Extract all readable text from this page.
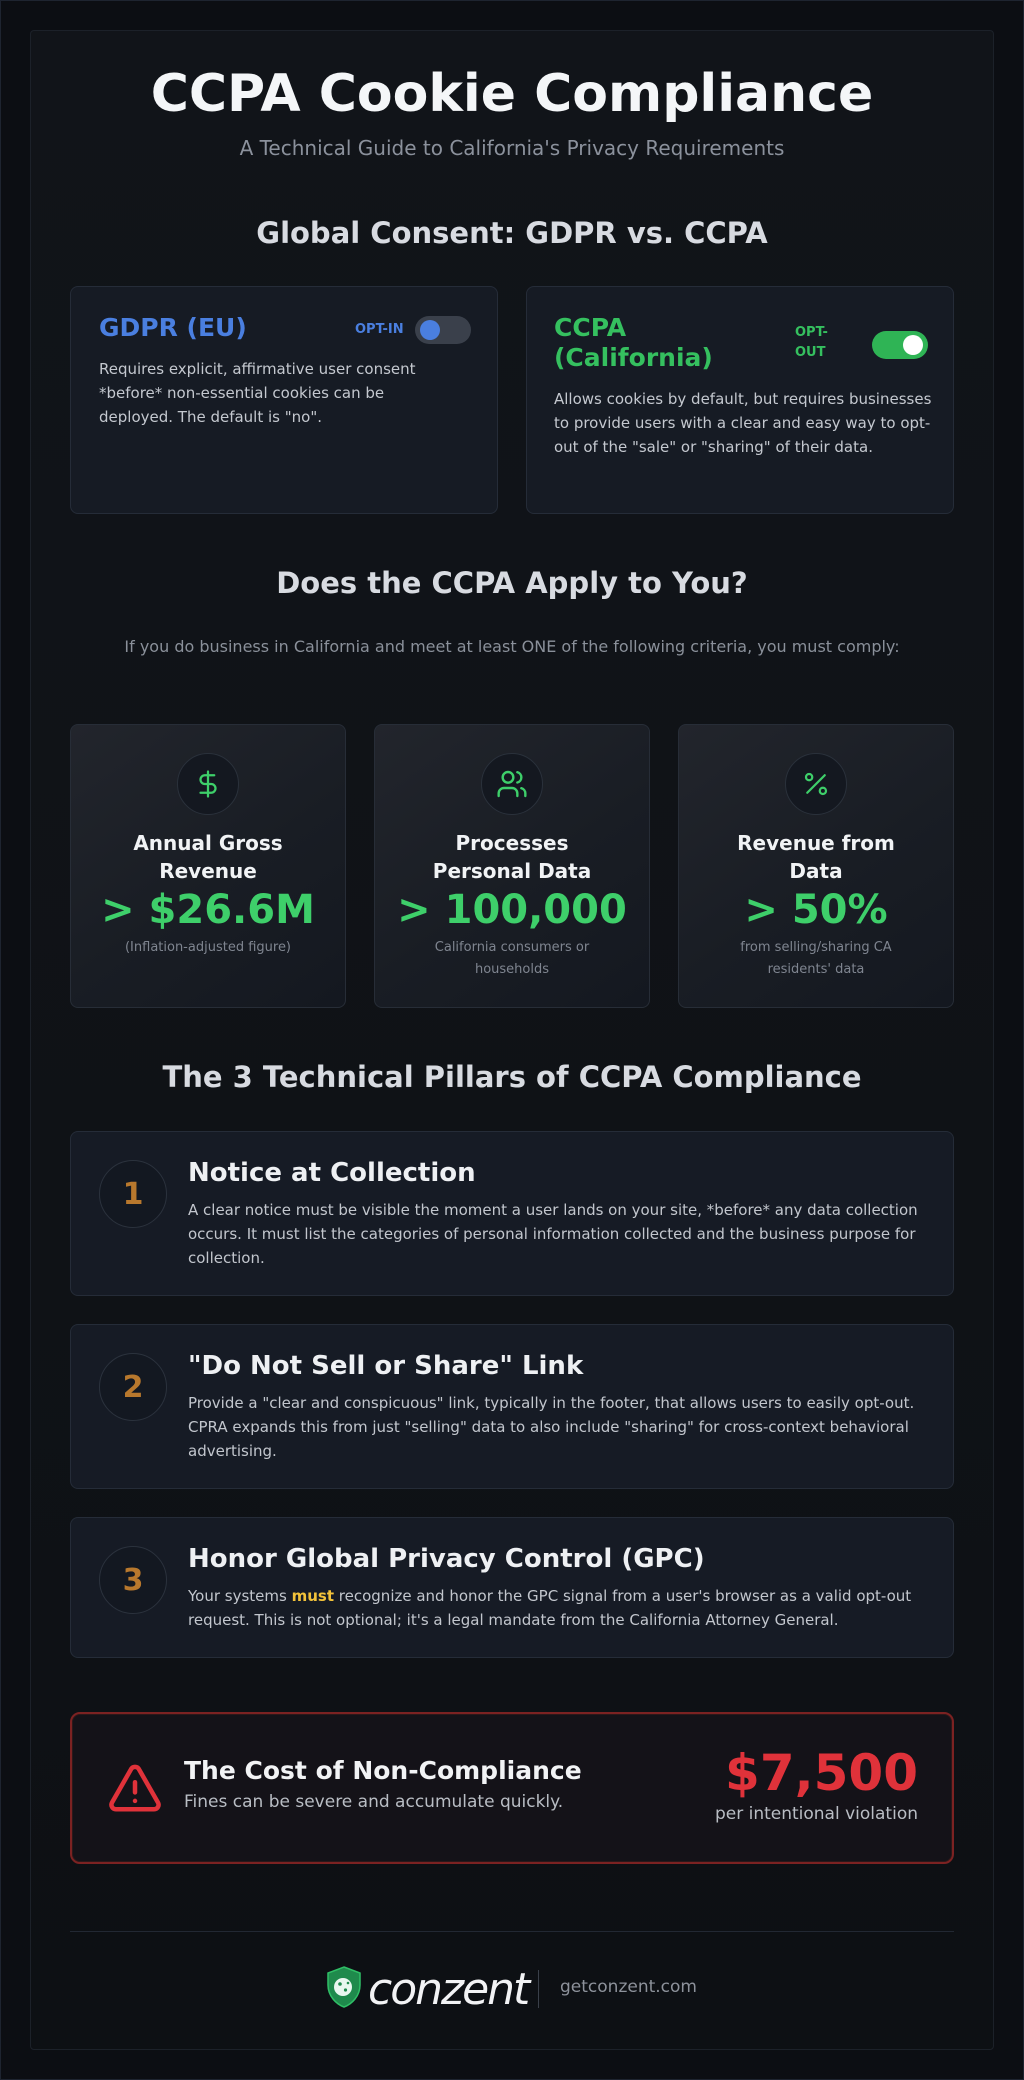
CCPA Cookie Compliance
A Technical Guide to California's Privacy Requirements
Global Consent: GDPR vs. CCPA
GDPR (EU)	OPT-IN
Requires explicit, affirmative user consent *before* non-essential cookies can be deployed. The default is "no".
CCPA
(California)
OPT-
OUT
Allows cookies by default, but requires businesses to provide users with a clear and easy way to opt-out of the "sale" or "sharing" of their data.
Does the CCPA Apply to You?
If you do business in California and meet at least ONE of the following criteria, you must comply:
Annual Gross
Revenue
> $26.6M
(Inflation-adjusted figure)
Processes
Personal Data
> 100,000
California consumers or
households
Revenue from
Data
> 50%
from selling/sharing CA
residents' data
The 3 Technical Pillars of CCPA Compliance
1
Notice at Collection
A clear notice must be visible the moment a user lands on your site, *before* any data collection occurs. It must list the categories of personal information collected and the business purpose for collection.
2
"Do Not Sell or Share" Link
Provide a "clear and conspicuous" link, typically in the footer, that allows users to easily opt-out. CPRA expands this from just "selling" data to also include "sharing" for cross-context behavioral advertising.
3
Honor Global Privacy Control (GPC)
Your systems must recognize and honor the GPC signal from a user's browser as a valid opt-out request. This is not optional; it's a legal mandate from the California Attorney General.
The Cost of Non-Compliance
Fines can be severe and accumulate quickly.	$7,500
per intentional violation
conzent getconzent.com
